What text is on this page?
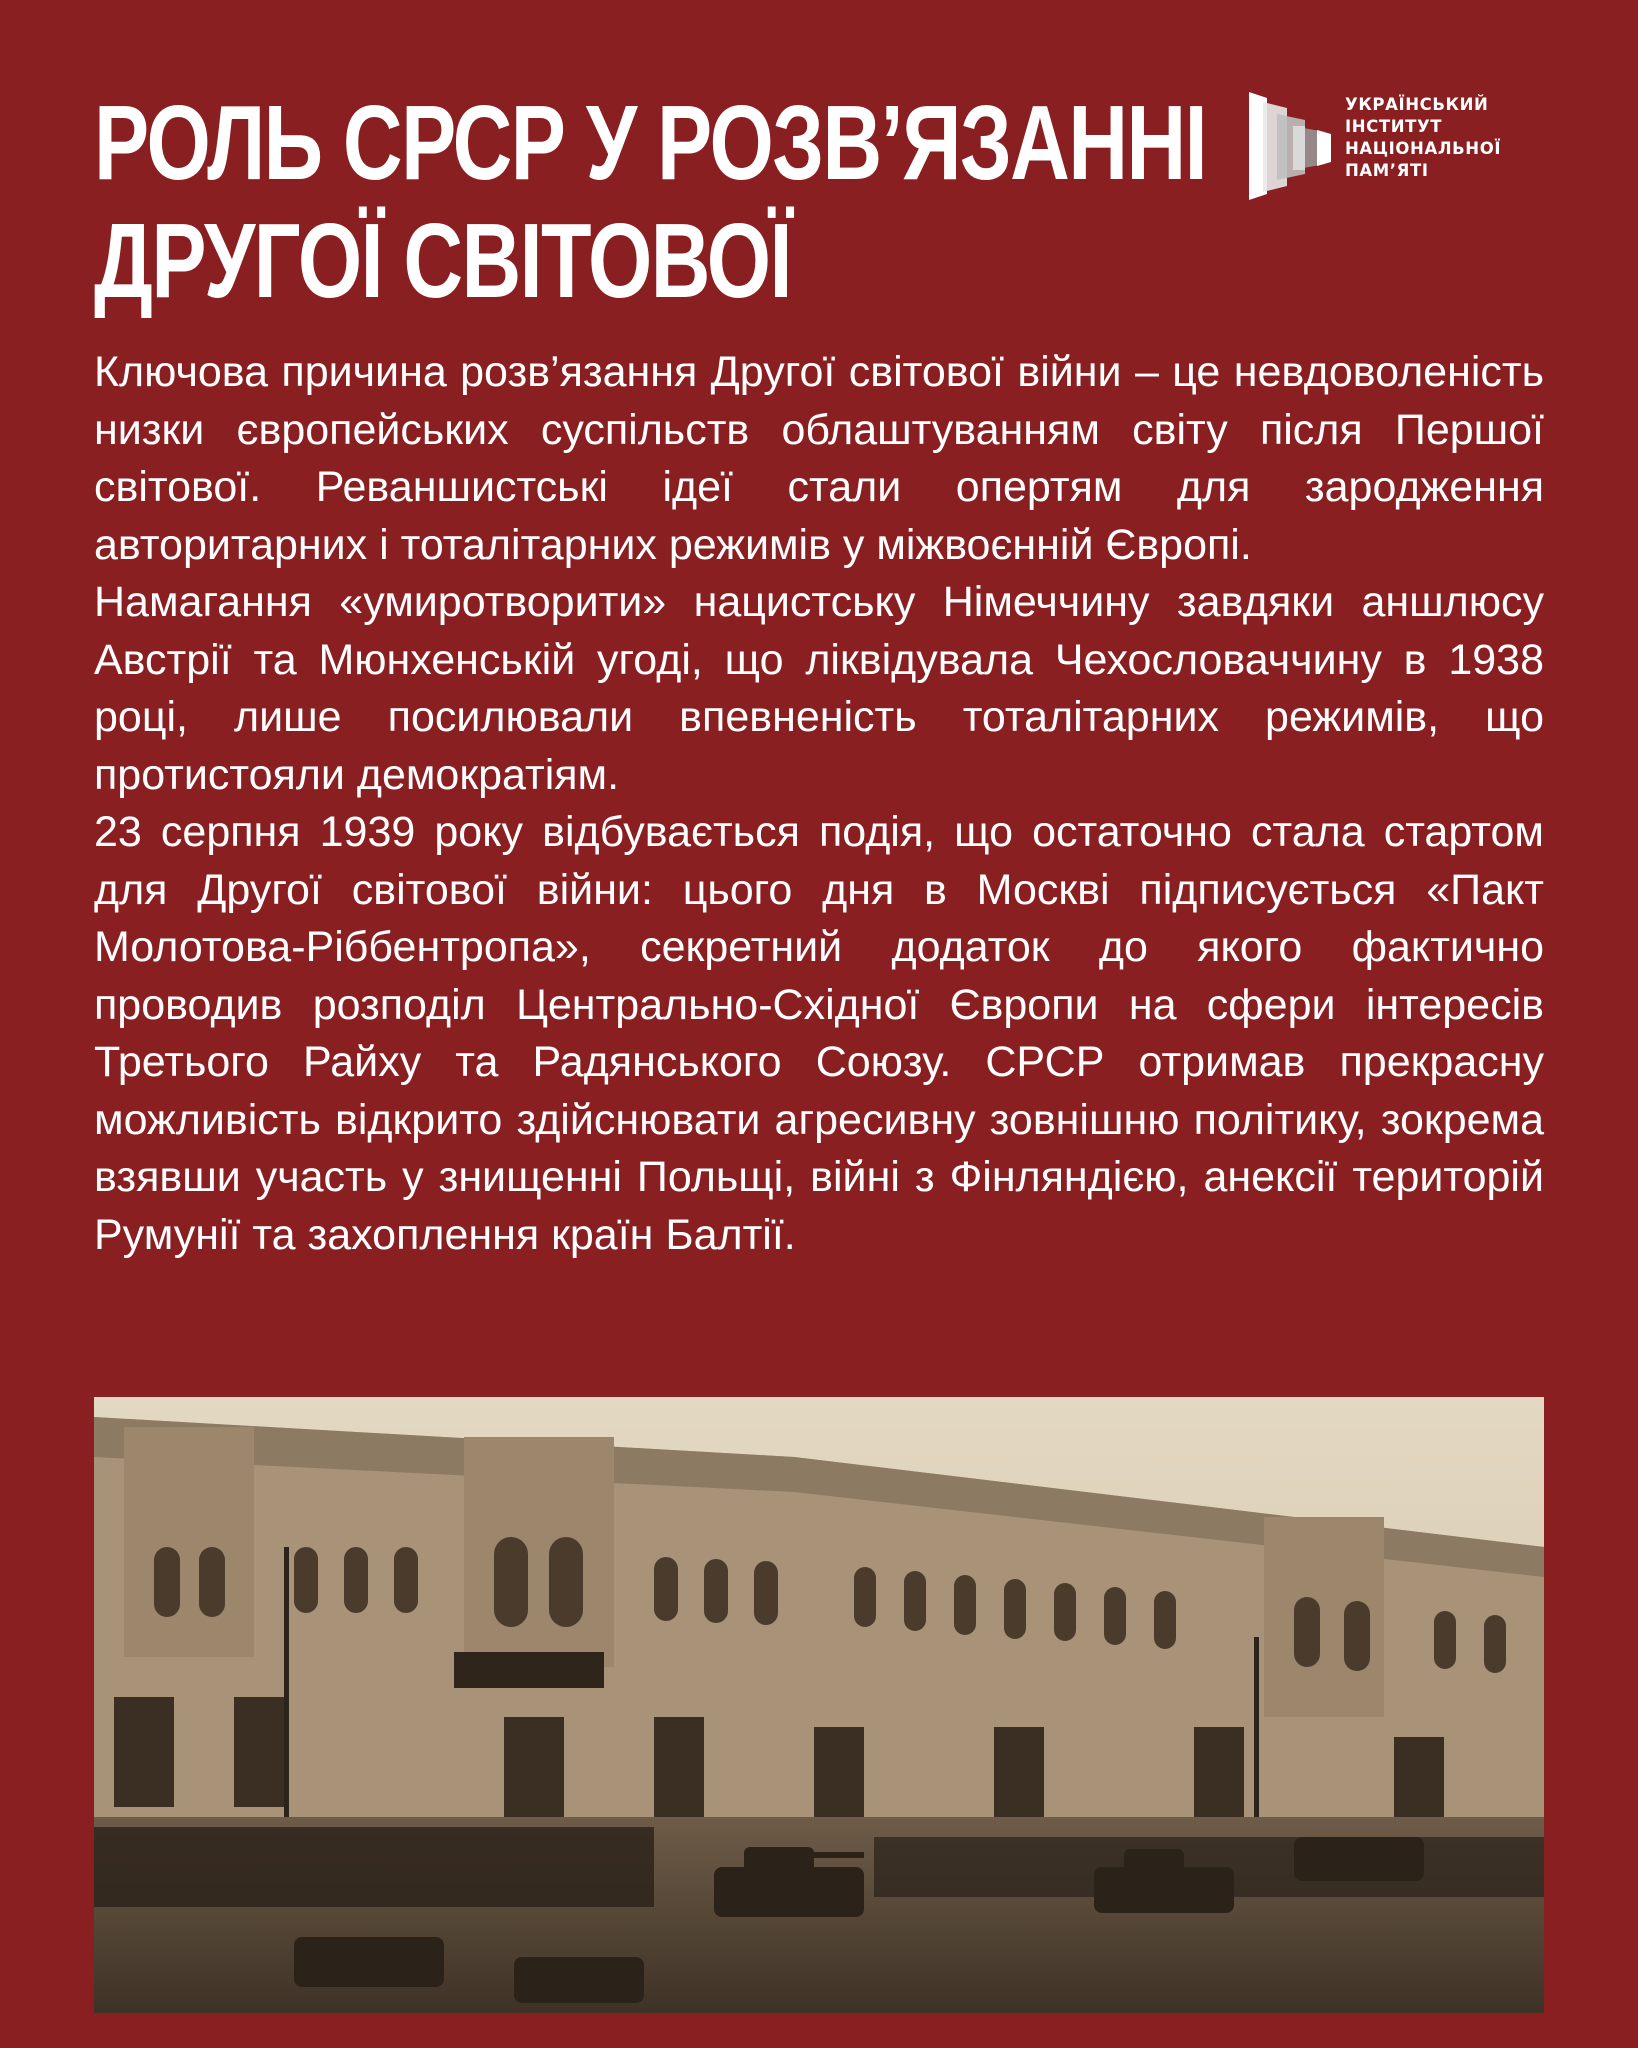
РОЛЬ СРСР У РОЗВ’ЯЗАННІ
ДРУГОЇ СВІТОВОЇ
УКРАЇНСЬКИЙ
ІНСТИТУТ
НАЦІОНАЛЬНОЇ
ПАМ’ЯТІ

Ключова причина розв’язання Другої світової війни – це невдоволеність низки європейських суспільств облаштуванням світу після Першої світової. Реваншистські ідеї стали опертям для зародження авторитарних і тоталітарних режимів у міжвоєнній Європі.

Намагання «умиротворити» нацистську Німеччину завдяки аншлюсу Австрії та Мюнхенській угоді, що ліквідувала Чехословаччину в 1938 році, лише посилювали впевненість тоталітарних режимів, що протистояли демократіям.

23 серпня 1939 року відбувається подія, що остаточно стала стартом для Другої світової війни: цього дня в Москві підписується «Пакт Молотова-Ріббентропа», секретний додаток до якого фактично проводив розподіл Центрально-Східної Європи на сфери інтересів Третього Райху та Радянського Союзу. СРСР отримав прекрасну можливість відкрито здійснювати агресивну зовнішню політику, зокрема взявши участь у знищенні Польщі, війні з Фінляндією, анексії територій Румунії та захоплення країн Балтії.
